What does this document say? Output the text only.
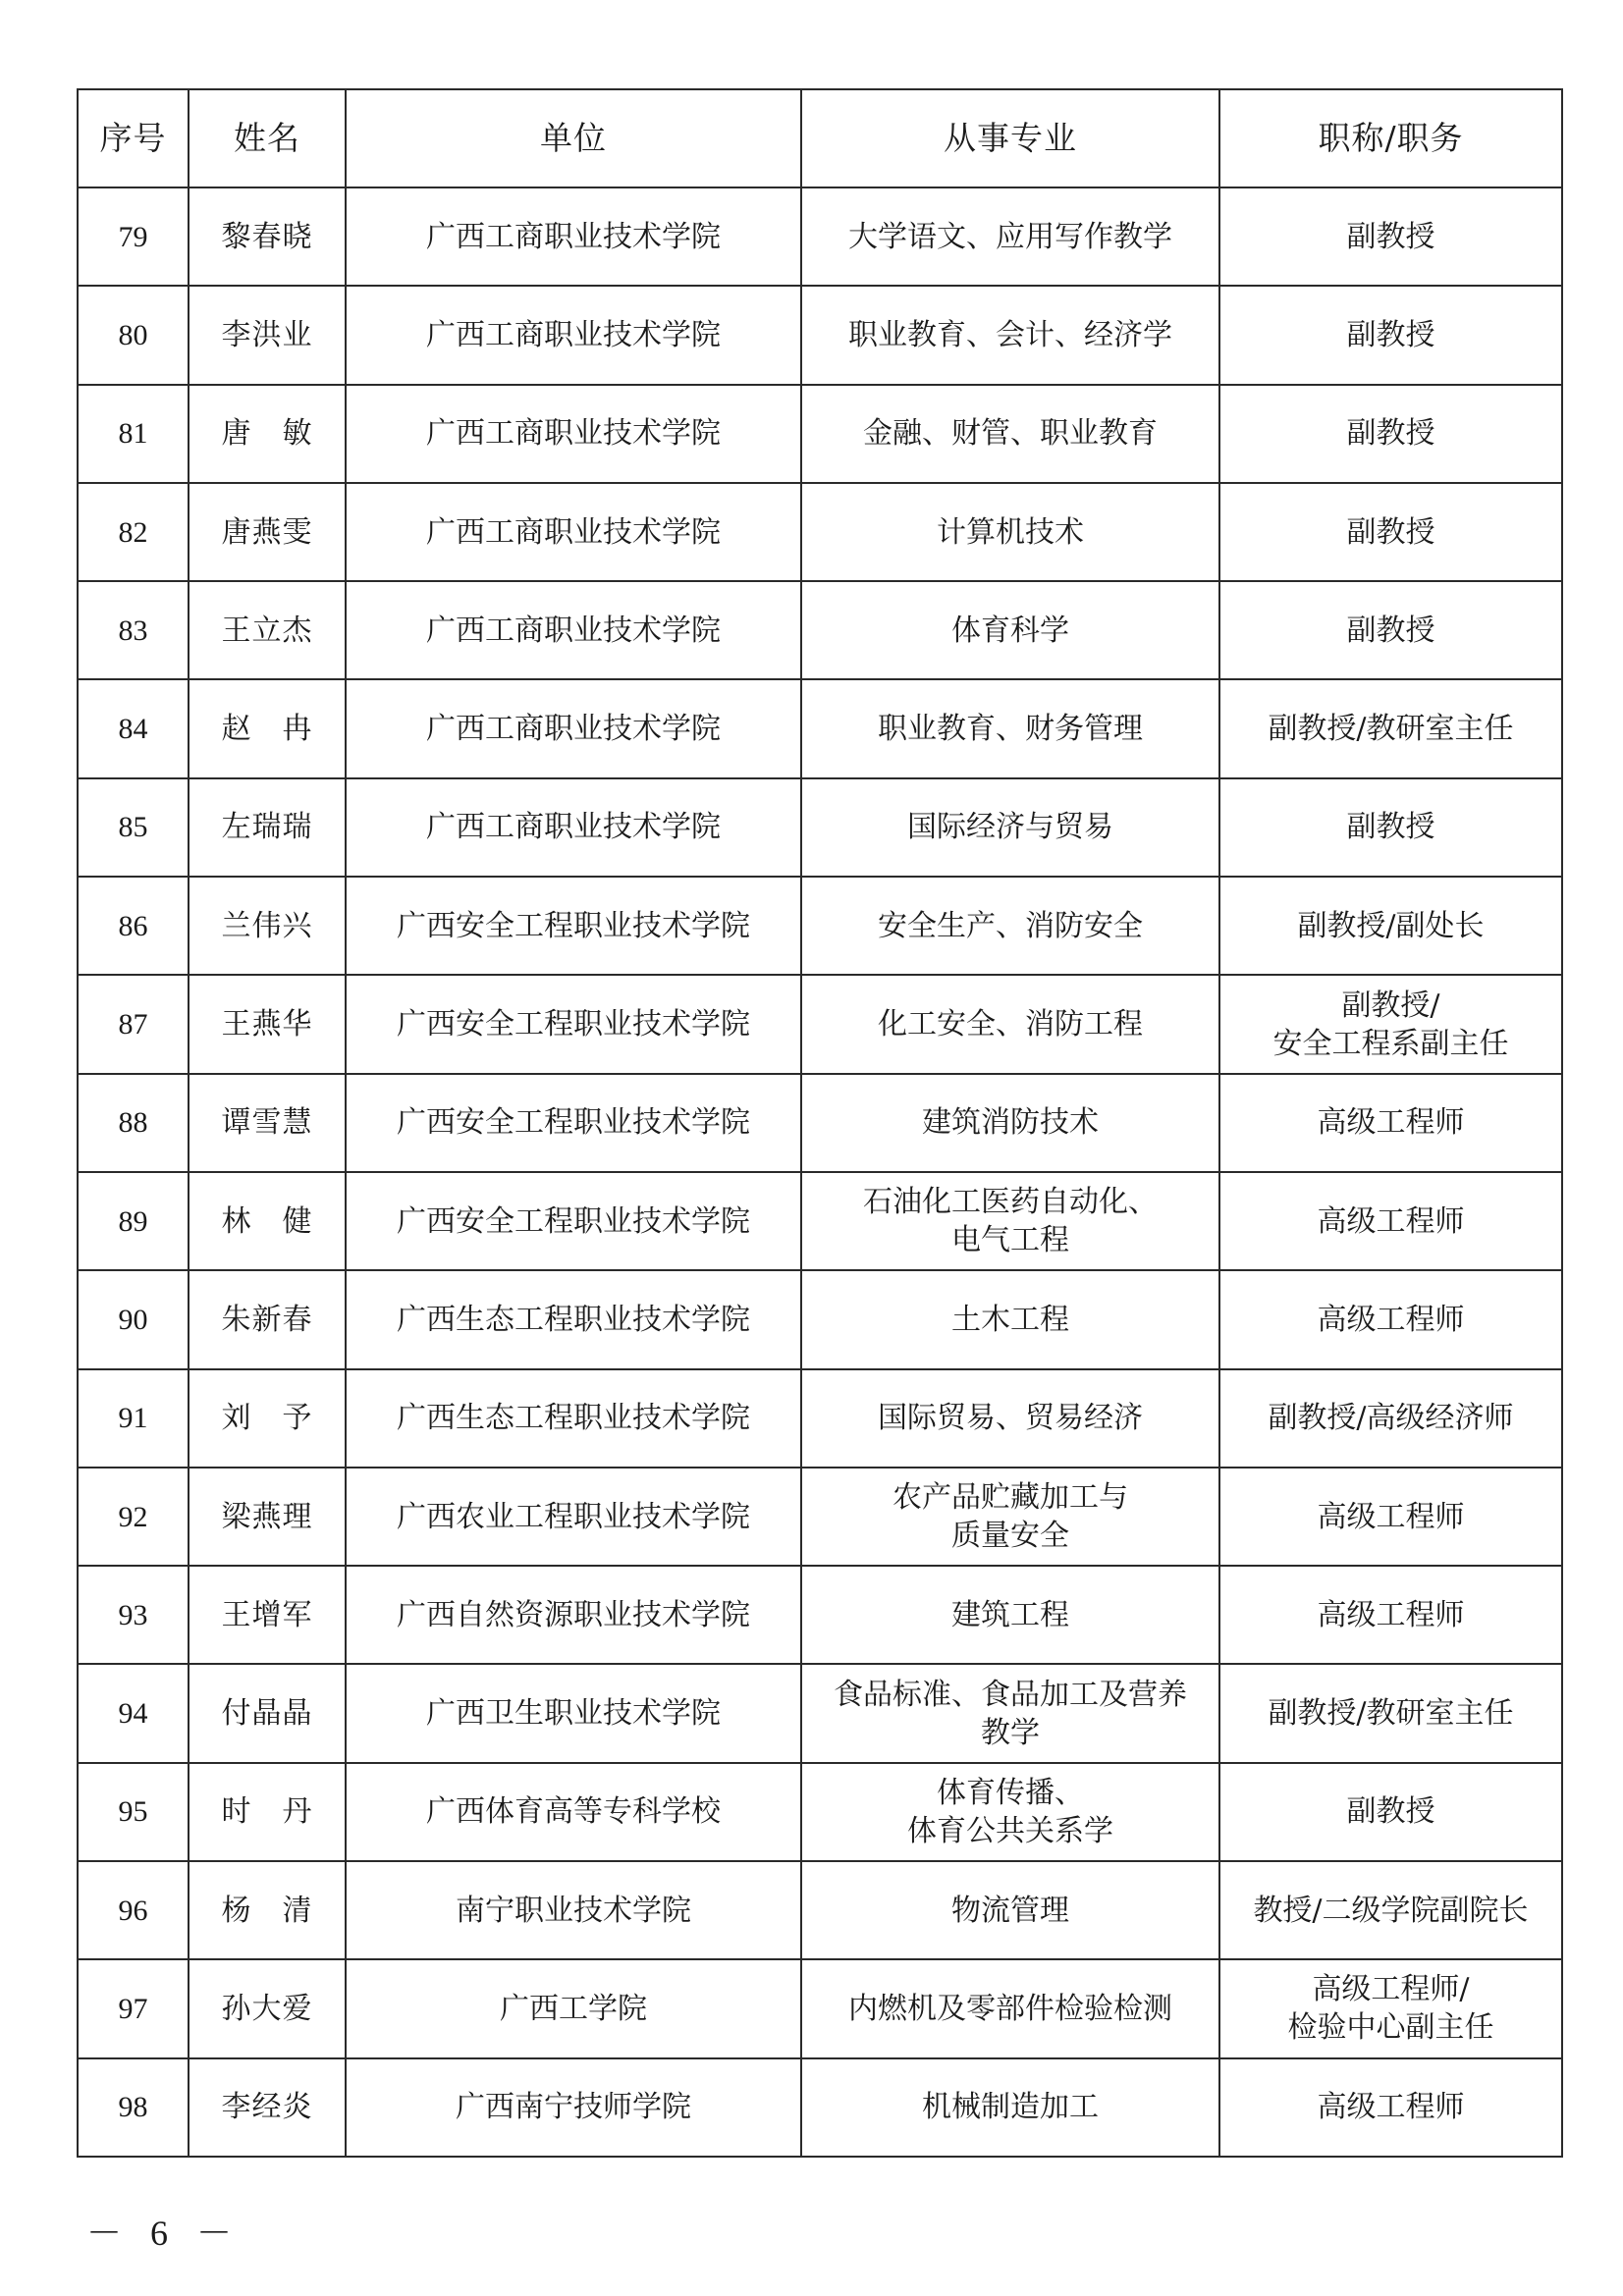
序号	姓名	单位	从事专业	职称/职务

79	黎春晓	广西工商职业技术学院	大学语文、应用写作教学	副教授

80	李洪业	广西工商职业技术学院	职业教育、会计、经济学	副教授

81	唐　敏	广西工商职业技术学院	金融、财管、职业教育	副教授

82	唐燕雯	广西工商职业技术学院	计算机技术	副教授

83	王立杰	广西工商职业技术学院	体育科学	副教授

84	赵　冉	广西工商职业技术学院	职业教育、财务管理	副教授/教研室主任

85	左瑞瑞	广西工商职业技术学院	国际经济与贸易	副教授

86	兰伟兴	广西安全工程职业技术学院	安全生产、消防安全	副教授/副处长

87	王燕华	广西安全工程职业技术学院	化工安全、消防工程	副教授/
安全工程系副主任

88	谭雪慧	广西安全工程职业技术学院	建筑消防技术	高级工程师

89	林　健	广西安全工程职业技术学院	石油化工医药自动化、
电气工程	高级工程师

90	朱新春	广西生态工程职业技术学院	土木工程	高级工程师

91	刘　予	广西生态工程职业技术学院	国际贸易、贸易经济	副教授/高级经济师

92	梁燕理	广西农业工程职业技术学院	农产品贮藏加工与
质量安全	高级工程师

93	王增军	广西自然资源职业技术学院	建筑工程	高级工程师

94	付晶晶	广西卫生职业技术学院	食品标准、食品加工及营养
教学	副教授/教研室主任

95	时　丹	广西体育高等专科学校	体育传播、
体育公共关系学	副教授

96	杨　清	南宁职业技术学院	物流管理	教授/二级学院副院长

97	孙大爱	广西工学院	内燃机及零部件检验检测	高级工程师/
检验中心副主任

98	李经炎	广西南宁技师学院	机械制造加工	高级工程师
－ 6 －
